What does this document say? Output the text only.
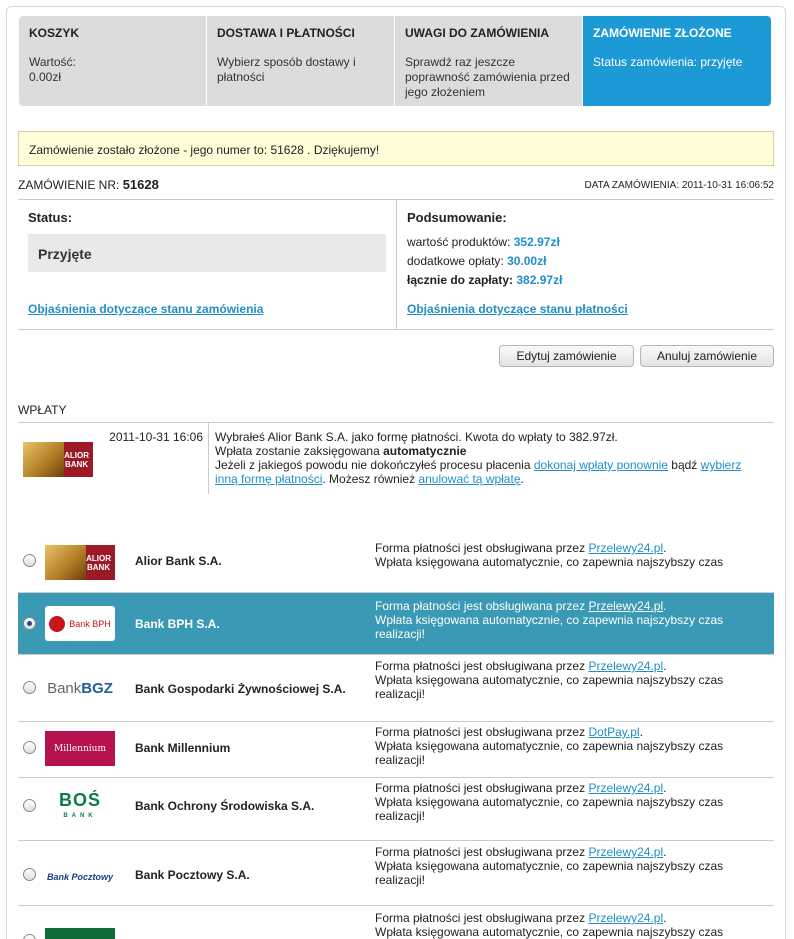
KOSZYK
Wartość:
0.00zł
DOSTAWA I PŁATNOŚCI
Wybierz sposób dostawy i
płatności
UWAGI DO ZAMÓWIENIA
Sprawdź raz jeszcze
poprawność zamówienia przed
jego złożeniem
ZAMÓWIENIE ZŁOŻONE
Status zamówienia: przyjęte
Zamówienie zostało złożone - jego numer to: 51628 . Dziękujemy!
ZAMÓWIENIE NR: 51628	DATA ZAMÓWIENIA: 2011-10-31 16:06:52
Status:
Przyjęte
Objaśnienia dotyczące stanu zamówienia
Podsumowanie:
wartość produktów: 352.97zł
dodatkowe opłaty: 30.00zł
łącznie do zapłaty: 382.97zł
Objaśnienia dotyczące stanu płatności
Edytuj zamówienie	Anuluj zamówienie
WPŁATY
ALIOR
BANK
2011-10-31 16:06 Wybrałeś Alior Bank S.A. jako formę płatności. Kwota do wpłaty to 382.97zł.
Wpłata zostanie zaksięgowana automatycznie
Jeżeli z jakiegoś powodu nie dokończyłeś procesu płacenia dokonaj wpłaty ponownie bądź wybierz
inną formę płatności. Możesz również anulować tą wpłatę.
ALIOR
BANK Alior Bank S.A.
Forma płatności jest obsługiwana przez Przelewy24.pl.
Wpłata księgowana automatycznie, co zapewnia najszybszy czas
Bank BPH Bank BPH S.A.
Forma płatności jest obsługiwana przez Przelewy24.pl.
Wpłata księgowana automatycznie, co zapewnia najszybszy czas
realizacji!
BankBGZ Bank Gospodarki Żywnościowej S.A.
Forma płatności jest obsługiwana przez Przelewy24.pl.
Wpłata księgowana automatycznie, co zapewnia najszybszy czas
realizacji!
Millennium Bank Millennium
Forma płatności jest obsługiwana przez DotPay.pl.
Wpłata księgowana automatycznie, co zapewnia najszybszy czas
realizacji!
BOŚ
BANK
Bank Ochrony Środowiska S.A.
Forma płatności jest obsługiwana przez Przelewy24.pl.
Wpłata księgowana automatycznie, co zapewnia najszybszy czas
realizacji!
Bank Pocztowy Bank Pocztowy S.A.
Forma płatności jest obsługiwana przez Przelewy24.pl.
Wpłata księgowana automatycznie, co zapewnia najszybszy czas
realizacji!
Forma płatności jest obsługiwana przez Przelewy24.pl.
Wpłata księgowana automatycznie, co zapewnia najszybszy czas
